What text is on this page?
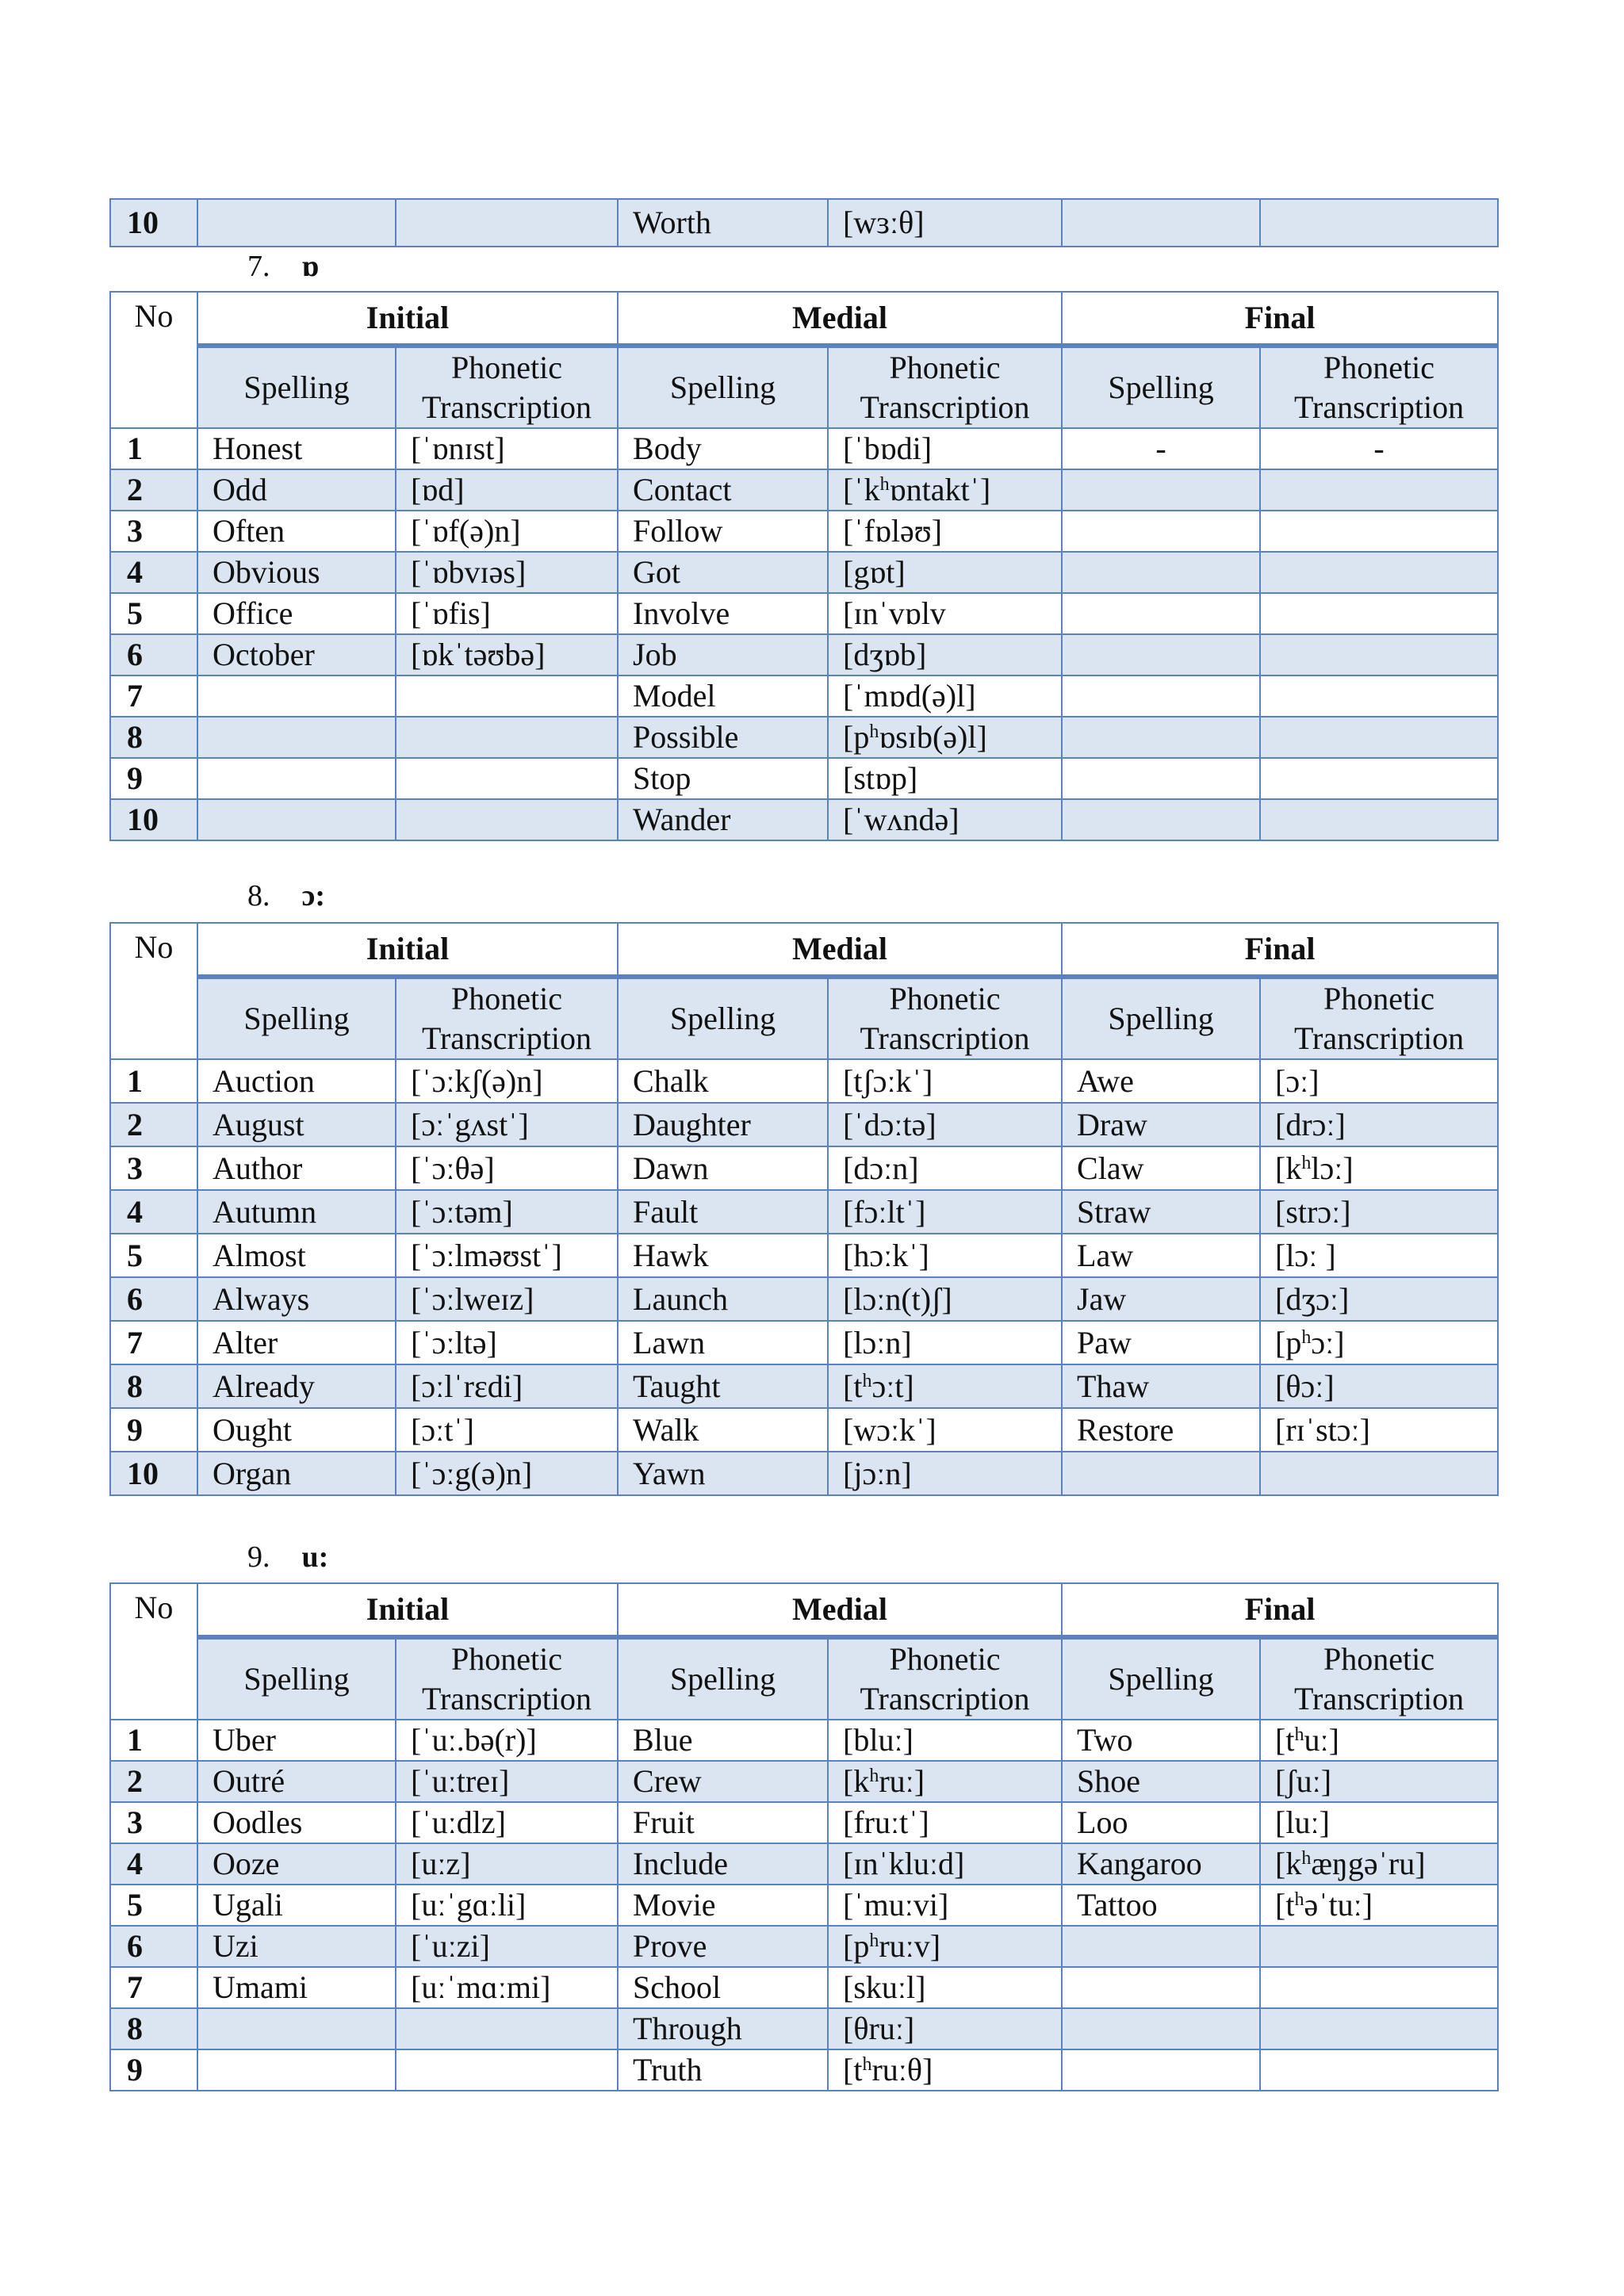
10			Worth	[wɜːθ]		
7. ɒ
No	Initial		Medial		Final	
	Spelling	Phonetic Transcription	Spelling	Phonetic Transcription	Spelling	Phonetic Transcription
1	Honest	[ˈɒnɪst]	Body	[ˈbɒdi]	-	-
2	Odd	[ɒd]	Contact	[ˈk$^h$ɒntaktˈ]		
3	Often	[ˈɒf(ə)n]	Follow	[ˈfɒləʊ]		
4	Obvious	[ˈɒbvɪəs]	Got	[gɒt]		
5	Office	[ˈɒfis]	Involve	[ɪnˈvɒlv		
6	October	[ɒkˈtəʊbə]	Job	[dʒɒb]		
7			Model	[ˈmɒd(ə)l]		
8			Possible	$[p^hɒsɪb(ə)l]$		
9			Stop	[stɒp]		
10			Wander	[ˈwʌndə]		
8. ɔ:
No	Initial		Medial		Final	
	Spelling	Phonetic Transcription	Spelling	Phonetic Transcription	Spelling	Phonetic Transcription
1	Auction	[ˈɔːkʃ(ə)n]	Chalk	[tʃɔːkˈ]	Awe	[ɔː]
2	August	[ɔːˈgʌstˈ]	Daughter	[ˈdɔːtə]	Draw	[drɔː]
3	Author	[ˈɔːθə]	Dawn	[dɔːn]	Claw	$[k^hlɔː]$
4	Autumn	[ˈɔːtəm]	Fault	[fɔːltˈ]	Straw	[strɔː]
5	Almost	[ˈɔːlməʊstˈ]	Hawk	[hɔːkˈ]	Law	[lɔː ]
6	Always	[ˈɔːlweɪz]	Launch	[lɔːn(t)ʃ]	Jaw	[dʒɔː]
7	Alter	[ˈɔːltə]	Lawn	[lɔːn]	Paw	$[p^hɔː]$
8	Already	[ɔːlˈrɛdi]	Taught	$[t^hɔːt]$	Thaw	[θɔː]
9	Ought	[ɔːtˈ]	Walk	[wɔːkˈ]	Restore	[rɪˈstɔː]
10	Organ	[ˈɔːg(ə)n]	Yawn	[jɔːn]		
9. u:
No	Initial		Medial		Final	
	Spelling	Phonetic Transcription	Spelling	Phonetic Transcription	Spelling	Phonetic Transcription
1	Uber	[ˈuː.bə(r)]	Blue	[bluː]	Two	$[t^huː]$
2	Outré	[ˈuːtreɪ]	Crew	$[k^hruː]$	Shoe	[ʃuː]
3	Oodles	[ˈuːdlz]	Fruit	[fruːtˈ]	Loo	[luː]
4	Ooze	[uːz]	Include	[ɪnˈkluːd]	Kangaroo	$[k^hæŋgəˈru]$
5	Ugali	[uːˈgɑːli]	Movie	[ˈmuːvi]	Tattoo	$[t^həˈtuː]$
6	Uzi	[ˈuːzi]	Prove	$[p^hruːv]$		
7	Umami	[uːˈmɑːmi]	School	[skuːl]		
8			Through	[θruː]		
9			Truth	$[t^hruː\theta]$		
